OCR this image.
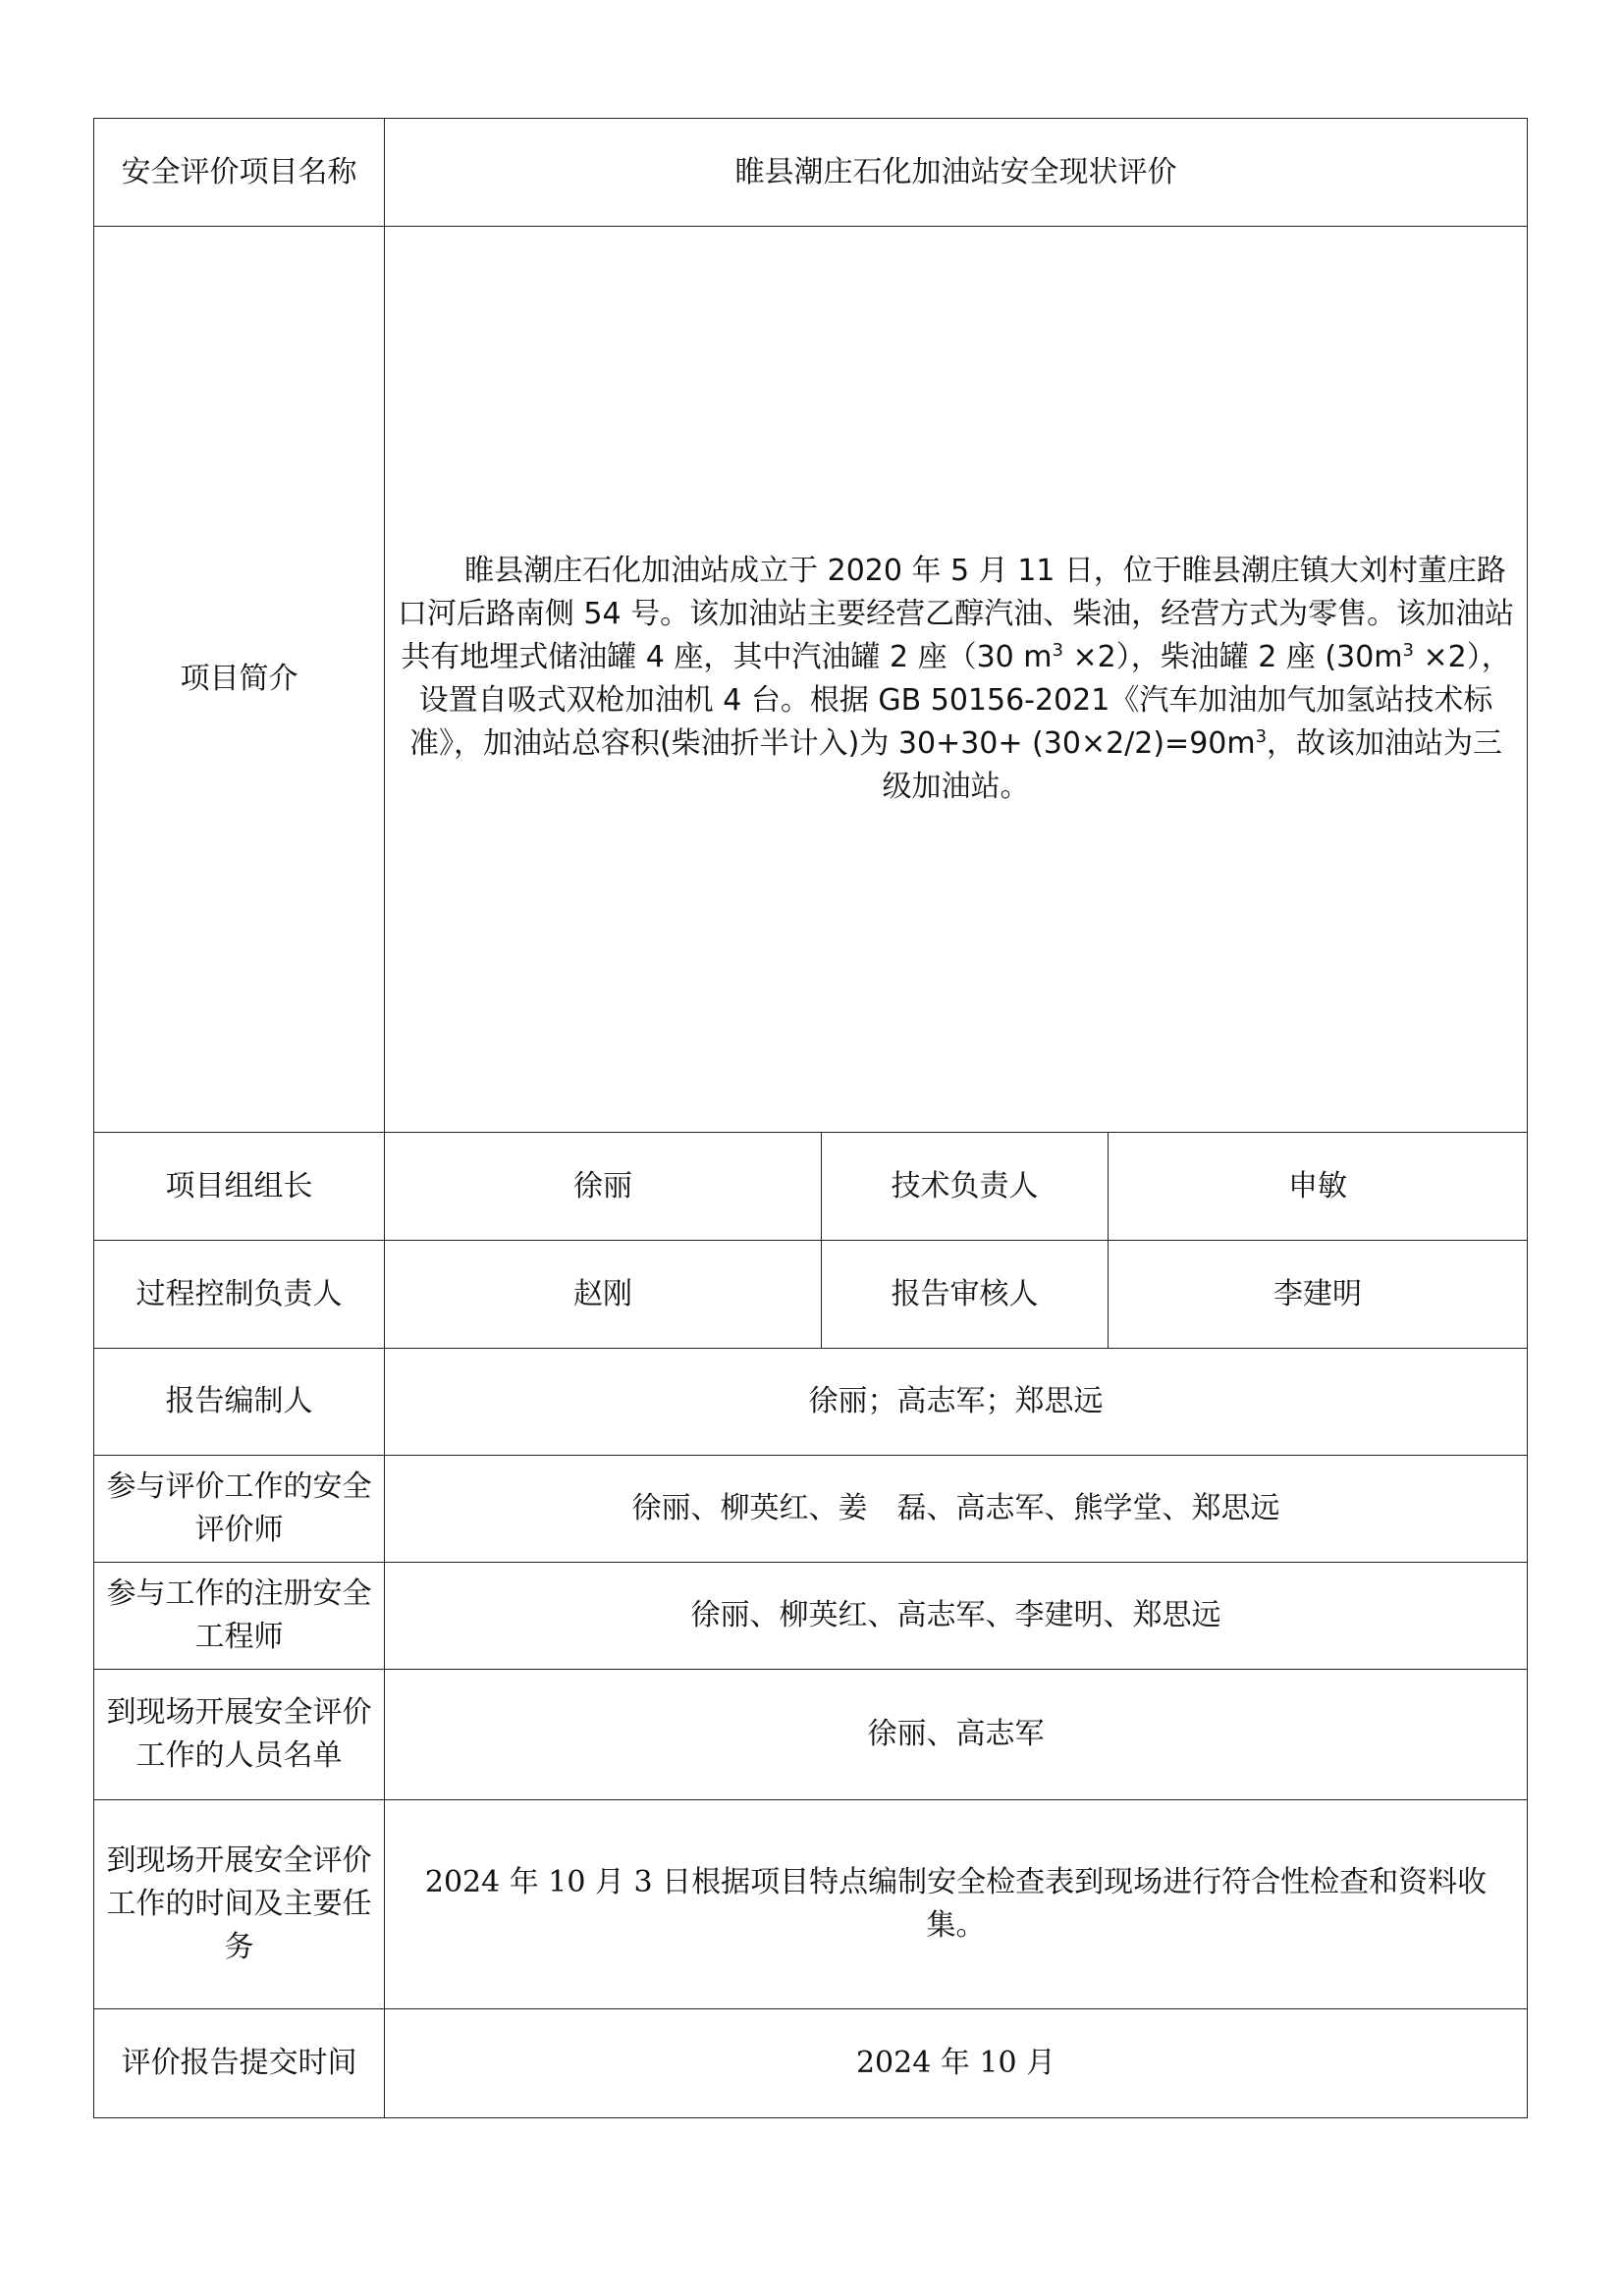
安全评价项目名称	睢县潮庄石化加油站安全现状评价		
项目简介	睢县潮庄石化加油站成立于 2020 年 5 月 11 日，位于睢县潮庄镇大刘村董庄路口河后路南侧 54 号。该加油站主要经营乙醇汽油、柴油，经营方式为零售。该加油站共有地埋式储油罐 4 座，其中汽油罐 2 座（30 $m^3 \times 2$），柴油罐 2 座 $(30m^3 \times 2)$，设置自吸式双枪加油机 4 台。根据 GB 50156-2021《汽车加油加气加氢站技术标准》，加油站总容积(柴油折半计入)为 $30+30+ (30\times 2/2)=90m^3$，故该加油站为三级加油站。		

项目组组长	徐丽	技术负责人	申敏
过程控制负责人	赵刚	报告审核人	李建明
报告编制人	徐丽；高志军；郑思远		
参与评价工作的安全评价师	徐丽、柳英红、姜　磊、高志军、熊学堂、郑思远		
参与工作的注册安全工程师	徐丽、柳英红、高志军、李建明、郑思远		
到现场开展安全评价工作的人员名单	徐丽、高志军		
到现场开展安全评价工作的时间及主要任务	2024 年 10 月 3 日根据项目特点编制安全检查表到现场进行符合性检查和资料收集。		
评价报告提交时间	2024 年 10 月		
